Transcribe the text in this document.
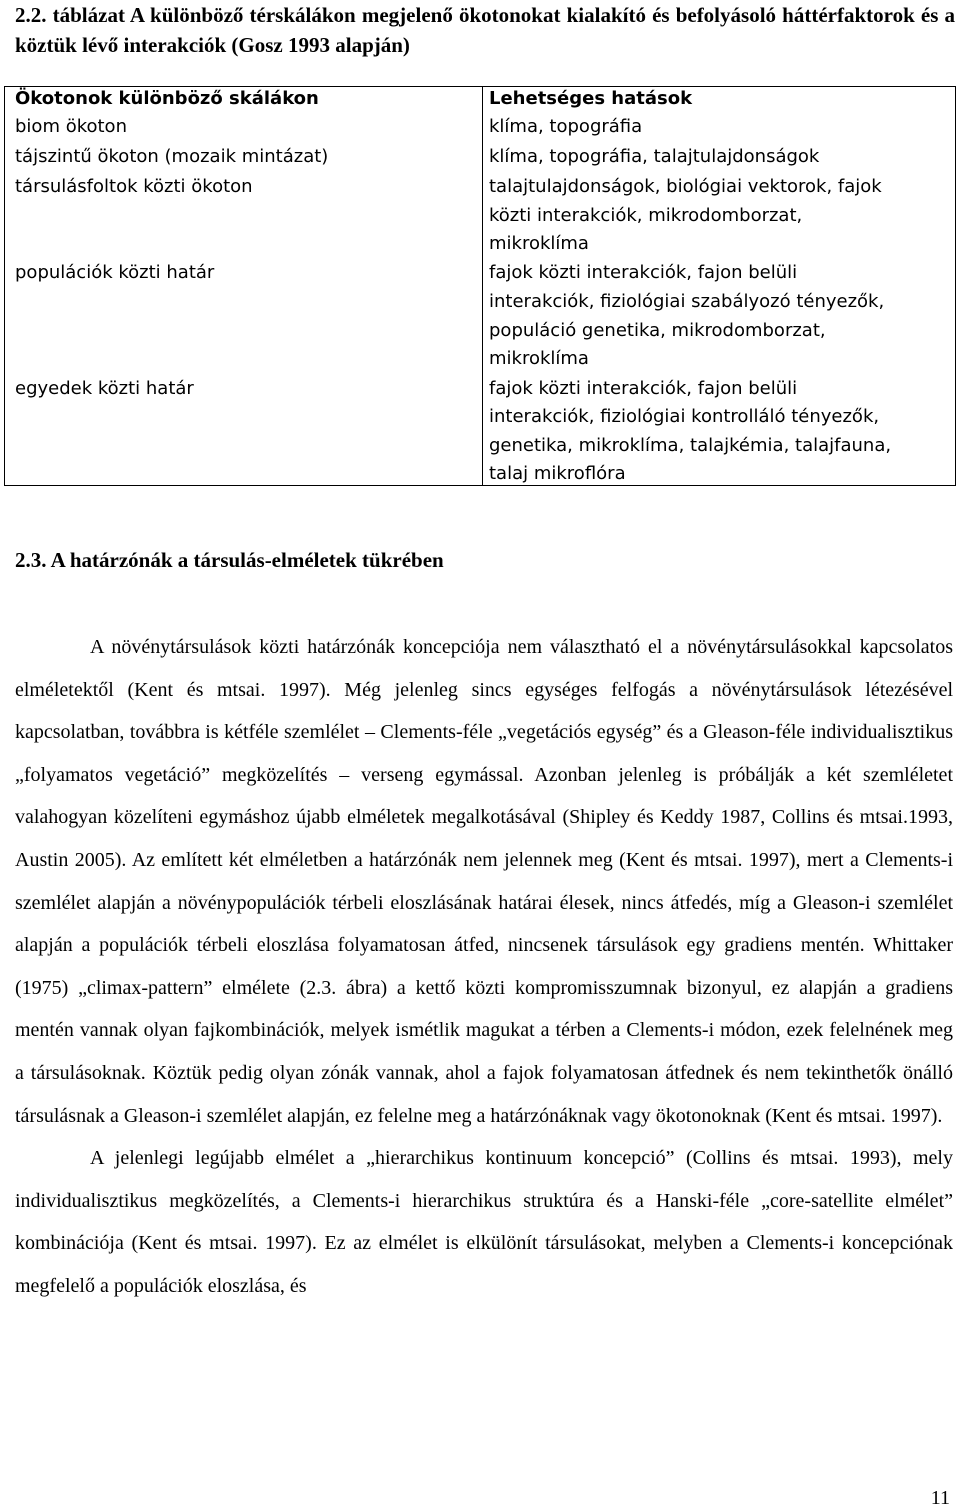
2.2. táblázat A különböző térskálákon megjelenő ökotonokat kialakító és befolyásoló háttérfaktorok és a köztük lévő interakciók (Gosz 1993 alapján)

Ökotonok különböző skálákon
biom ökoton
tájszintű ökoton (mozaik mintázat)
társulásfoltok közti ökoton
populációk közti határ
egyedek közti határ
Lehetséges hatások
klíma, topográfia
klíma, topográfia, talajtulajdonságok
talajtulajdonságok, biológiai vektorok, fajok
közti interakciók, mikrodomborzat,
mikroklíma
fajok közti interakciók, fajon belüli
interakciók, fiziológiai szabályozó tényezők,
populáció genetika, mikrodomborzat,
mikroklíma
fajok közti interakciók, fajon belüli
interakciók, fiziológiai kontrolláló tényezők,
genetika, mikroklíma, talajkémia, talajfauna,
talaj mikroflóra
2.3. A határzónák a társulás-elméletek tükrében

A növénytársulások közti határzónák koncepciója nem választható el a növénytársulásokkal kapcsolatos elméletektől (Kent és mtsai. 1997). Még jelenleg sincs egységes felfogás a növénytársulások létezésével kapcsolatban, továbbra is kétféle szemlélet – Clements-féle „vegetációs egység” és a Gleason-féle individualisztikus „folyamatos vegetáció” megközelítés – verseng egymással. Azonban jelenleg is próbálják a két szemléletet valahogyan közelíteni egymáshoz újabb elméletek megalkotásával (Shipley és Keddy 1987, Collins és mtsai.1993, Austin 2005). Az említett két elméletben a határzónák nem jelennek meg (Kent és mtsai. 1997), mert a Clements-i szemlélet alapján a növénypopulációk térbeli eloszlásának határai élesek, nincs átfedés, míg a Gleason-i szemlélet alapján a populációk térbeli eloszlása folyamatosan átfed, nincsenek társulások egy gradiens mentén. Whittaker (1975) „climax-pattern” elmélete (2.3. ábra) a kettő közti kompromisszumnak bizonyul, ez alapján a gradiens mentén vannak olyan fajkombinációk, melyek ismétlik magukat a térben a Clements-i módon, ezek felelnének meg a társulásoknak. Köztük pedig olyan zónák vannak, ahol a fajok folyamatosan átfednek és nem tekinthetők önálló társulásnak a Gleason-i szemlélet alapján, ez felelne meg a határzónáknak vagy ökotonoknak (Kent és mtsai. 1997).

A jelenlegi legújabb elmélet a „hierarchikus kontinuum koncepció” (Collins és mtsai. 1993), mely individualisztikus megközelítés, a Clements-i hierarchikus struktúra és a Hanski-féle „core-satellite elmélet” kombinációja (Kent és mtsai. 1997). Ez az elmélet is elkülönít társulásokat, melyben a Clements-i koncepciónak megfelelő a populációk eloszlása, és

11
